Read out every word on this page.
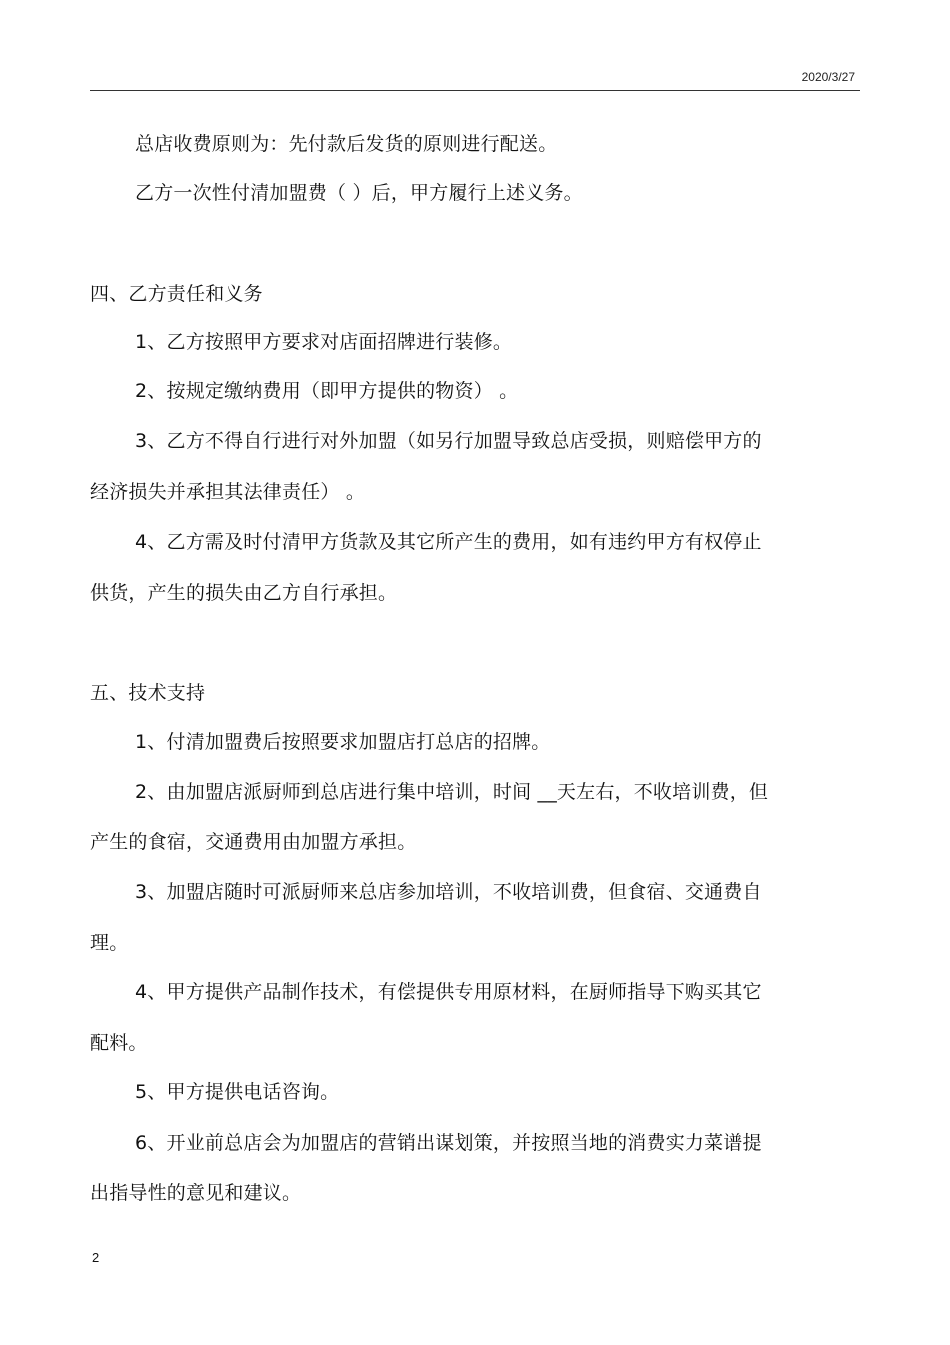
2020/3/27
总店收费原则为：先付款后发货的原则进行配送。
乙方一次性付清加盟费（ ）后，甲方履行上述义务。
四、乙方责任和义务
1、乙方按照甲方要求对店面招牌进行装修。
2、按规定缴纳费用（即甲方提供的物资） 。
3、乙方不得自行进行对外加盟（如另行加盟导致总店受损，则赔偿甲方的
经济损失并承担其法律责任） 。
4、乙方需及时付清甲方货款及其它所产生的费用，如有违约甲方有权停止
供货，产生的损失由乙方自行承担。
五、技术支持
1、付清加盟费后按照要求加盟店打总店的招牌。
2、由加盟店派厨师到总店进行集中培训，时间 __天左右，不收培训费，但
产生的食宿，交通费用由加盟方承担。
3、加盟店随时可派厨师来总店参加培训，不收培训费，但食宿、交通费自
理。
4、甲方提供产品制作技术，有偿提供专用原材料，在厨师指导下购买其它
配料。
5、甲方提供电话咨询。
6、开业前总店会为加盟店的营销出谋划策，并按照当地的消费实力菜谱提
出指导性的意见和建议。
2
